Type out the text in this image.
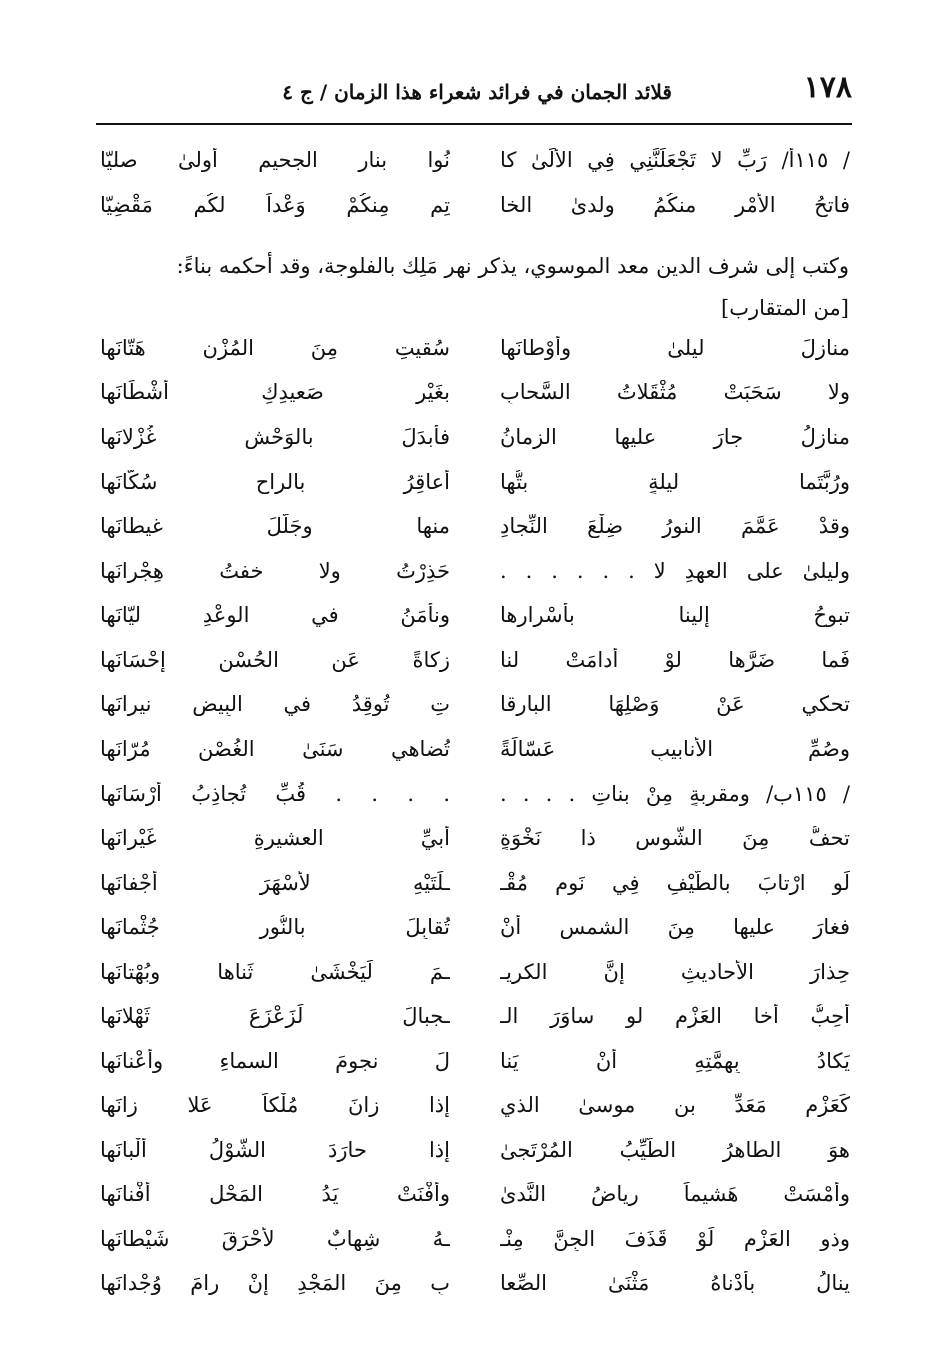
١٧٨
قلائد الجمان في فرائد شعراء هذا الزمان / ج ٤
/ ١١٥أ/ رَبِّ لا تَجْعَلَنَّنِي فِي الأُلَىٰ كا
نُوا بنار الجحيم أولىٰ صليّا
فاتحُ الأمْرِ منكُمُ ولدىٰ الخا
تِم مِنكُمْ وَعْداً لكُم مَقْضِيّا
وكتب إلى شرف الدين معد الموسوي، يذكر نهر مَلِك بالفلوجة، وقد أحكمه بناءً:
[من المتقارب]
منازلَ ليلىٰ وأوْطانَها
سُقيتِ مِنَ المُزْنِ هَتّانَها
ولا سَحَبَتْ مُثْقَلاتُ السَّحابِ
بغَيْرِ صَعيدِكِ أشْطَانَها
منازِلُ جارَ عليها الزمانُ
فأبدَلَ بالوَحْشِ غُزْلانَها
ورُبَّتَما ليلةٍ بتُّها
أُعاقِرُ بالراحِ سُكّانَها
وقدْ عَمَّمَ النورُ ضِلْعَ النِّجادِ
منها وجَلَّلَ غيطانَها
وليلىٰ على العهدِ لا . . . . . .
حَذِرْتُ ولا خفتُ هِجْرانَها
تبوحُ إلينا بأسْرارِها
ونأْمَنُ في الوعْدِ ليّانَها
فَما ضَرَّها لوْ أدامَتْ لنا
زكاةً عَنِ الحُسْنِ إحْسَانَها
تحكي عَنْ وَصْلِهَا البارِقا
تِ تُوقِدُ في البِيضِ نيرانَها
وصُمِّ الأنابيبِ عَسّالَةً
تُضاهي سَنَىٰ الغُصْنِ مُرّانَها
/ ١١٥ب/ ومقربةٍ مِنْ بناتِ . . . .
. . . . قُبِّ تُجاذِبُ أرْسَانَها
تحفُّ مِنَ الشُّوسِ ذا نَخْوَةٍ
أبيِّ العشيرةِ غَيْرانَها
لَوِ ارْتابَ بالطَّيْفِ فِي نَومِ مُقْـ
ـلَتَيْهِ لأسْهَرَ أجْفانَها
فغارَ عليها مِنَ الشمسِ أنْ
تُقابِلَ بالنُّورِ جُثْمانَها
حِذارَ الأحاديثِ إنَّ الكريـ
ـمَ لَيَخْشَىٰ ثَناها وبُهْتانَها
أُحِبُّ أخا العَزْمِ لو ساوَرَ الـ
ـجبالَ لَزَعْزَعَ ثَهْلانَها
يَكادُ بِهِمَّتِهِ أنْ يَنا
لَ نجومَ السماءِ وأعْنانَها
كَعَزْمِ مَعَدِّ بنِ موسىٰ الذي
إذا زانَ مُلْكاً عَلا زانَها
هوَ الطاهرُ الطَّيِّبُ المُرْتَجىٰ
إذا حارَدَ الشَّوْلُ ألْبانَها
وأمْسَتْ هَشيماً رياضُ النَّدىٰ
وأفْنَتْ يَدُ المَحْلِ أفْنانَها
وذو العَزْمِ لَوْ قَذَفَ الجِنَّ مِنْـ
ـهُ شِهابٌ لأحْرَقَ شَيْطانَها
ينالُ بأدْناهُ مَثْنَىٰ الصِّعا
بِ مِنَ المَجْدِ إنْ رامَ وُجْدانَها
